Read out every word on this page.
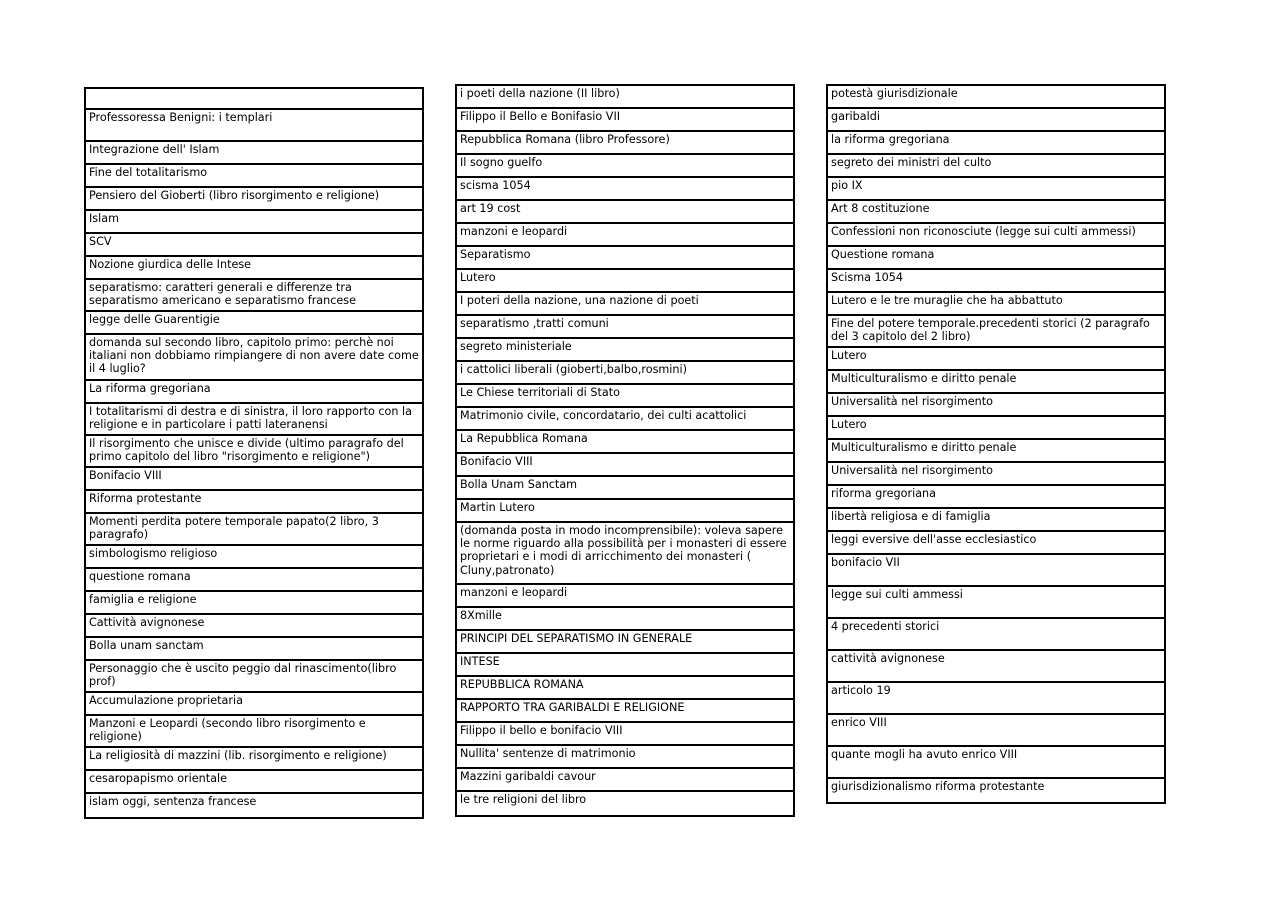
Professoressa Benigni: i templari
Integrazione dell' Islam
Fine del totalitarismo
Pensiero del Gioberti (libro risorgimento e religione)
Islam
SCV
Nozione giurdica delle Intese
separatismo: caratteri generali e differenze tra separatismo americano e separatismo francese
legge delle Guarentigie
domanda sul secondo libro, capitolo primo: perchè noi italiani non dobbiamo rimpiangere di non avere date come il 4 luglio?
La riforma gregoriana
I totalitarismi di destra e di sinistra, il loro rapporto con la religione e in particolare i patti lateranensi
Il risorgimento che unisce e divide (ultimo paragrafo del primo capitolo del libro "risorgimento e religione")
Bonifacio VIII
Riforma protestante
Momenti perdita potere temporale papato(2 libro, 3 paragrafo)
simbologismo religioso
questione romana
famiglia e religione
Cattività avignonese
Bolla unam sanctam
Personaggio che è uscito peggio dal rinascimento(libro prof)
Accumulazione proprietaria
Manzoni e Leopardi (secondo libro risorgimento e religione)
La religiosità di mazzini (lib. risorgimento e religione)
cesaropapismo orientale
islam oggi, sentenza francese
i poeti della nazione (II libro)
Filippo il Bello e Bonifasio VII
Repubblica Romana (libro Professore)
Il sogno guelfo
scisma 1054
art 19 cost
manzoni e leopardi
Separatismo
Lutero
I poteri della nazione, una nazione di poeti
separatismo ,tratti comuni
segreto ministeriale
i cattolici liberali (gioberti,balbo,rosmini)
Le Chiese territoriali di Stato
Matrimonio civile, concordatario, dei culti acattolici
La Repubblica Romana
Bonifacio VIII
Bolla Unam Sanctam
Martin Lutero
(domanda posta in modo incomprensibile): voleva sapere le norme riguardo alla possibilità per i monasteri di essere proprietari e i modi di arricchimento dei monasteri ( Cluny,patronato)
manzoni e leopardi
8Xmille
PRINCIPI DEL SEPARATISMO IN GENERALE
INTESE
REPUBBLICA ROMANA
RAPPORTO TRA GARIBALDI E RELIGIONE
Filippo il bello e bonifacio VIII
Nullita' sentenze di matrimonio
Mazzini garibaldi cavour
le tre religioni del libro
potestà giurisdizionale
garibaldi
la riforma gregoriana
segreto dei ministri del culto
pio IX
Art 8 costituzione
Confessioni non riconosciute (legge sui culti ammessi)
Questione romana
Scisma 1054
Lutero e le tre muraglie che ha abbattuto
Fine del potere temporale.precedenti storici (2 paragrafo del 3 capitolo del 2 libro)
Lutero
Multiculturalismo e diritto penale
Universalità nel risorgimento
Lutero
Multiculturalismo e diritto penale
Universalità nel risorgimento
riforma gregoriana
libertà religiosa e di famiglia
leggi eversive dell'asse ecclesiastico
bonifacio VII
legge sui culti ammessi
4 precedenti storici
cattività avignonese
articolo 19
enrico VIII
quante mogli ha avuto enrico VIII
giurisdizionalismo riforma protestante
